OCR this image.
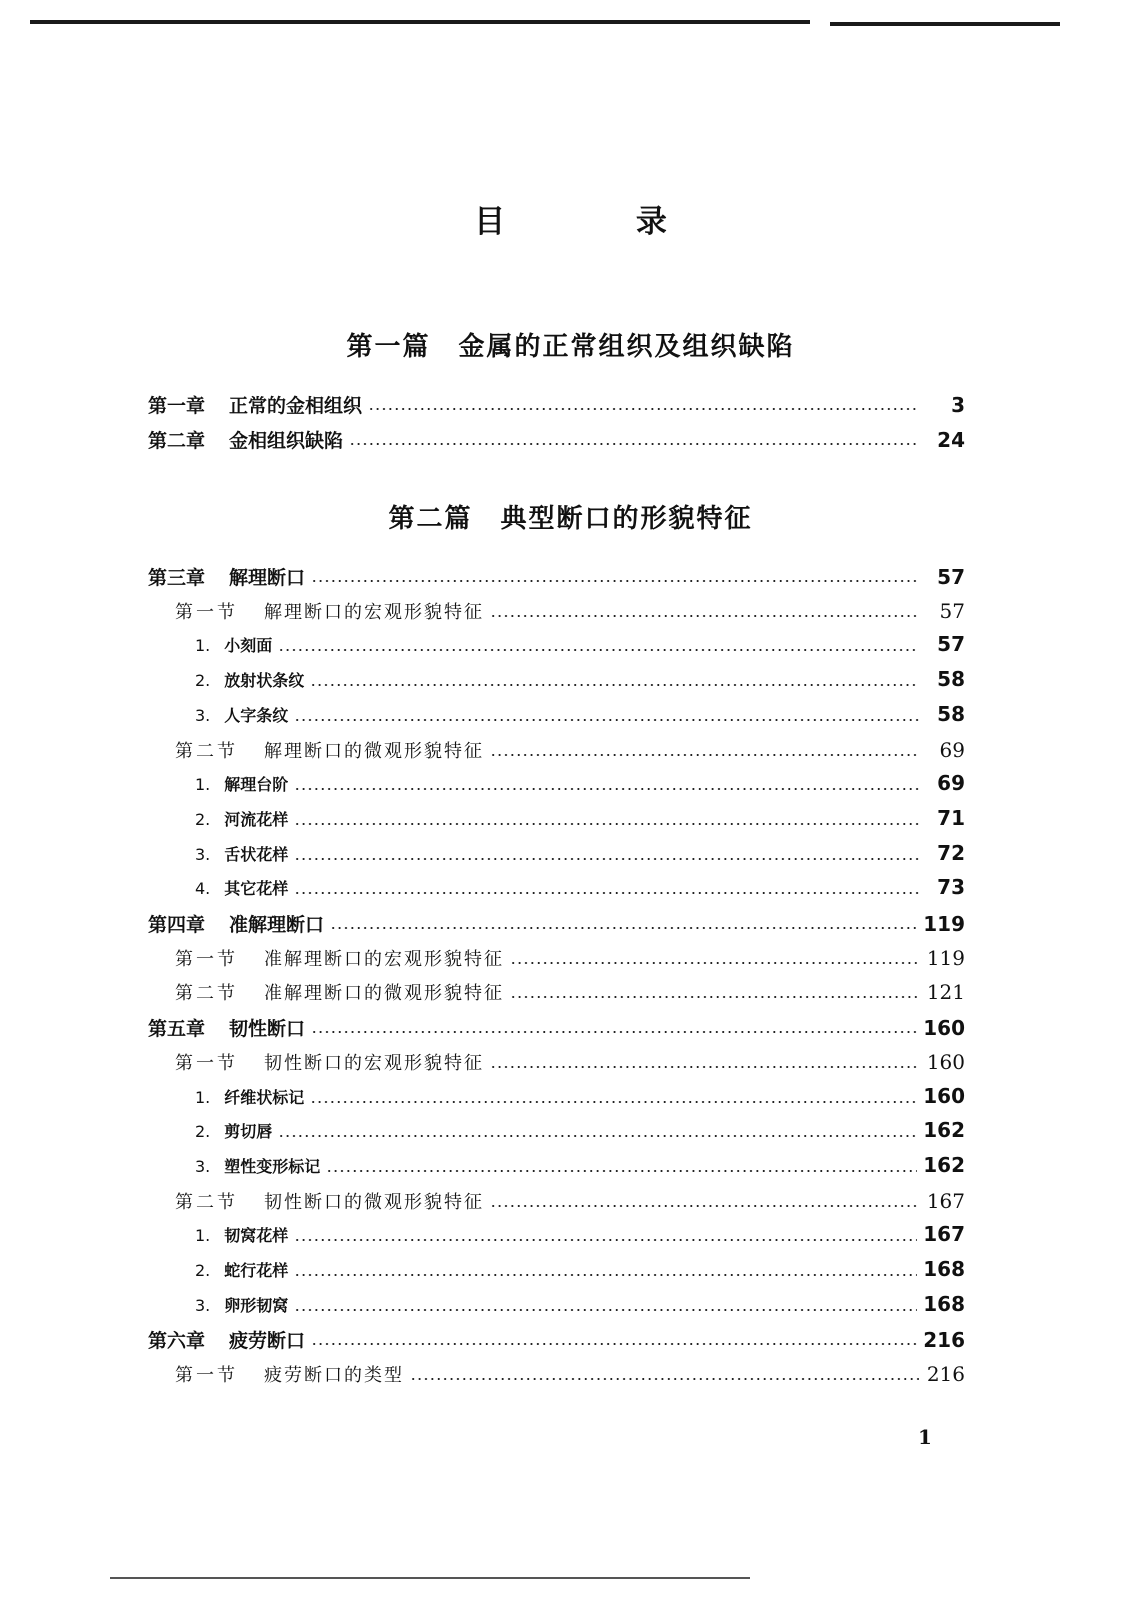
目 录
第一篇 金属的正常组织及组织缺陷
第二篇 典型断口的形貌特征
第一章 正常的金相组织	3
第二章 金相组织缺陷	24
第三章 解理断口	57
第一节 解理断口的宏观形貌特征	57
1. 小刻面	57
2. 放射状条纹	58
3. 人字条纹	58
第二节 解理断口的微观形貌特征	69
1. 解理台阶	69
2. 河流花样	71
3. 舌状花样	72
4. 其它花样	73
第四章 准解理断口	119
第一节 准解理断口的宏观形貌特征	119
第二节 准解理断口的微观形貌特征	121
第五章 韧性断口	160
第一节 韧性断口的宏观形貌特征	160
1. 纤维状标记	160
2. 剪切唇	162
3. 塑性变形标记	162
第二节 韧性断口的微观形貌特征	167
1. 韧窝花样	167
2. 蛇行花样	168
3. 卵形韧窝	168
第六章 疲劳断口	216
第一节 疲劳断口的类型	216
1
